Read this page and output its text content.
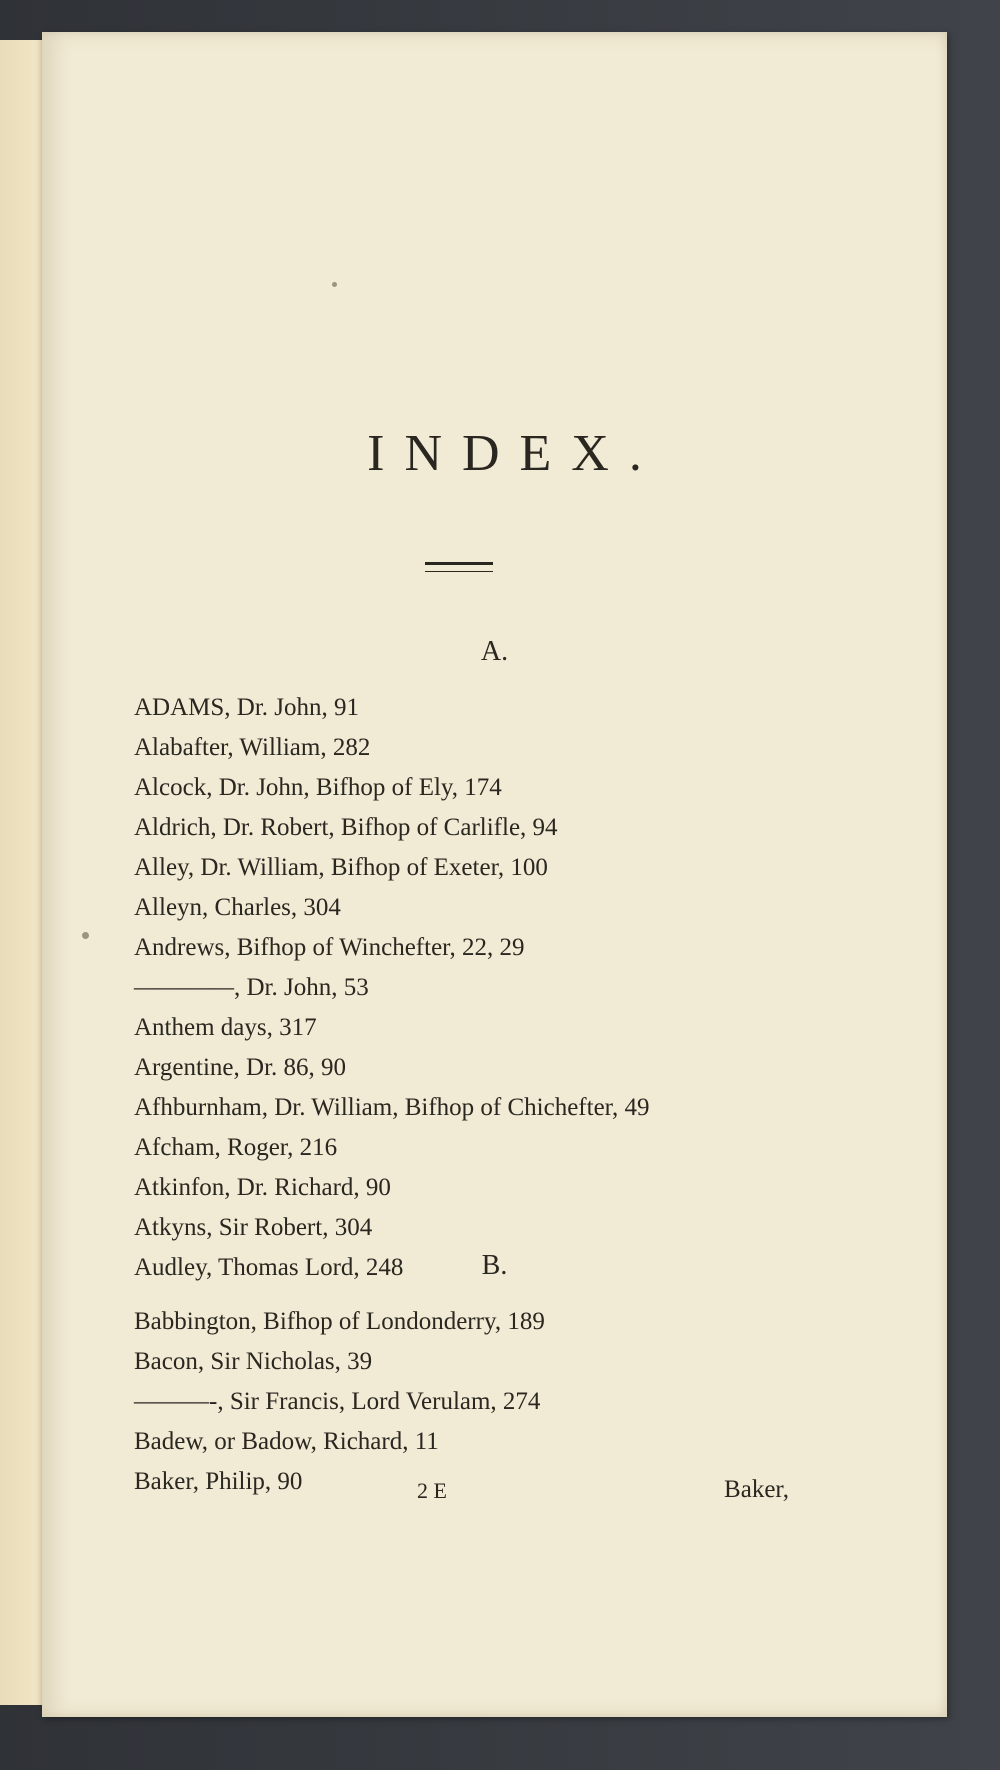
INDEX.
A.
ADAMS, Dr. John, 91
Alabafter, William, 282
Alcock, Dr. John, Bifhop of Ely, 174
Aldrich, Dr. Robert, Bifhop of Carlifle, 94
Alley, Dr. William, Bifhop of Exeter, 100
Alleyn, Charles, 304
Andrews, Bifhop of Winchefter, 22, 29
————, Dr. John, 53
Anthem days, 317
Argentine, Dr. 86, 90
Afhburnham, Dr. William, Bifhop of Chichefter, 49
Afcham, Roger, 216
Atkinfon, Dr. Richard, 90
Atkyns, Sir Robert, 304
Audley, Thomas Lord, 248	B.
Babbington, Bifhop of Londonderry, 189
Bacon, Sir Nicholas, 39
———-, Sir Francis, Lord Verulam, 274
Badew, or Badow, Richard, 11
Baker, Philip, 90	2 E	Baker,
